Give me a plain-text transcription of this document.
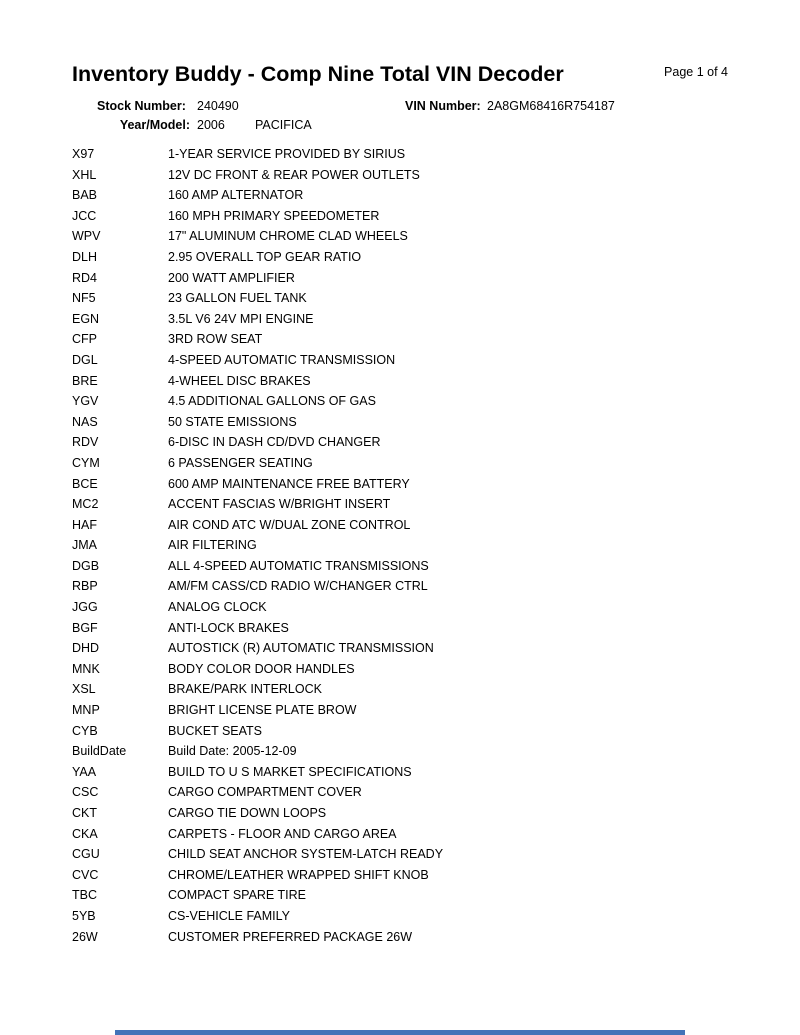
Inventory Buddy - Comp Nine Total VIN Decoder	Page 1 of 4
Stock Number: 240490	VIN Number: 2A8GM68416R754187
Year/Model: 2006 PACIFICA
X97	1-YEAR SERVICE PROVIDED BY SIRIUS
XHL	12V DC FRONT & REAR POWER OUTLETS
BAB	160 AMP ALTERNATOR
JCC	160 MPH PRIMARY SPEEDOMETER
WPV	17" ALUMINUM CHROME CLAD WHEELS
DLH	2.95 OVERALL TOP GEAR RATIO
RD4	200 WATT AMPLIFIER
NF5	23 GALLON FUEL TANK
EGN	3.5L V6 24V MPI ENGINE
CFP	3RD ROW SEAT
DGL	4-SPEED AUTOMATIC TRANSMISSION
BRE	4-WHEEL DISC BRAKES
YGV	4.5 ADDITIONAL GALLONS OF GAS
NAS	50 STATE EMISSIONS
RDV	6-DISC IN DASH CD/DVD CHANGER
CYM	6 PASSENGER SEATING
BCE	600 AMP MAINTENANCE FREE BATTERY
MC2	ACCENT FASCIAS W/BRIGHT INSERT
HAF	AIR COND ATC W/DUAL ZONE CONTROL
JMA	AIR FILTERING
DGB	ALL 4-SPEED AUTOMATIC TRANSMISSIONS
RBP	AM/FM CASS/CD RADIO W/CHANGER CTRL
JGG	ANALOG CLOCK
BGF	ANTI-LOCK BRAKES
DHD	AUTOSTICK (R) AUTOMATIC TRANSMISSION
MNK	BODY COLOR DOOR HANDLES
XSL	BRAKE/PARK INTERLOCK
MNP	BRIGHT LICENSE PLATE BROW
CYB	BUCKET SEATS
BuildDate	Build Date: 2005-12-09
YAA	BUILD TO U S MARKET SPECIFICATIONS
CSC	CARGO COMPARTMENT COVER
CKT	CARGO TIE DOWN LOOPS
CKA	CARPETS - FLOOR AND CARGO AREA
CGU	CHILD SEAT ANCHOR SYSTEM-LATCH READY
CVC	CHROME/LEATHER WRAPPED SHIFT KNOB
TBC	COMPACT SPARE TIRE
5YB	CS-VEHICLE FAMILY
26W	CUSTOMER PREFERRED PACKAGE 26W
